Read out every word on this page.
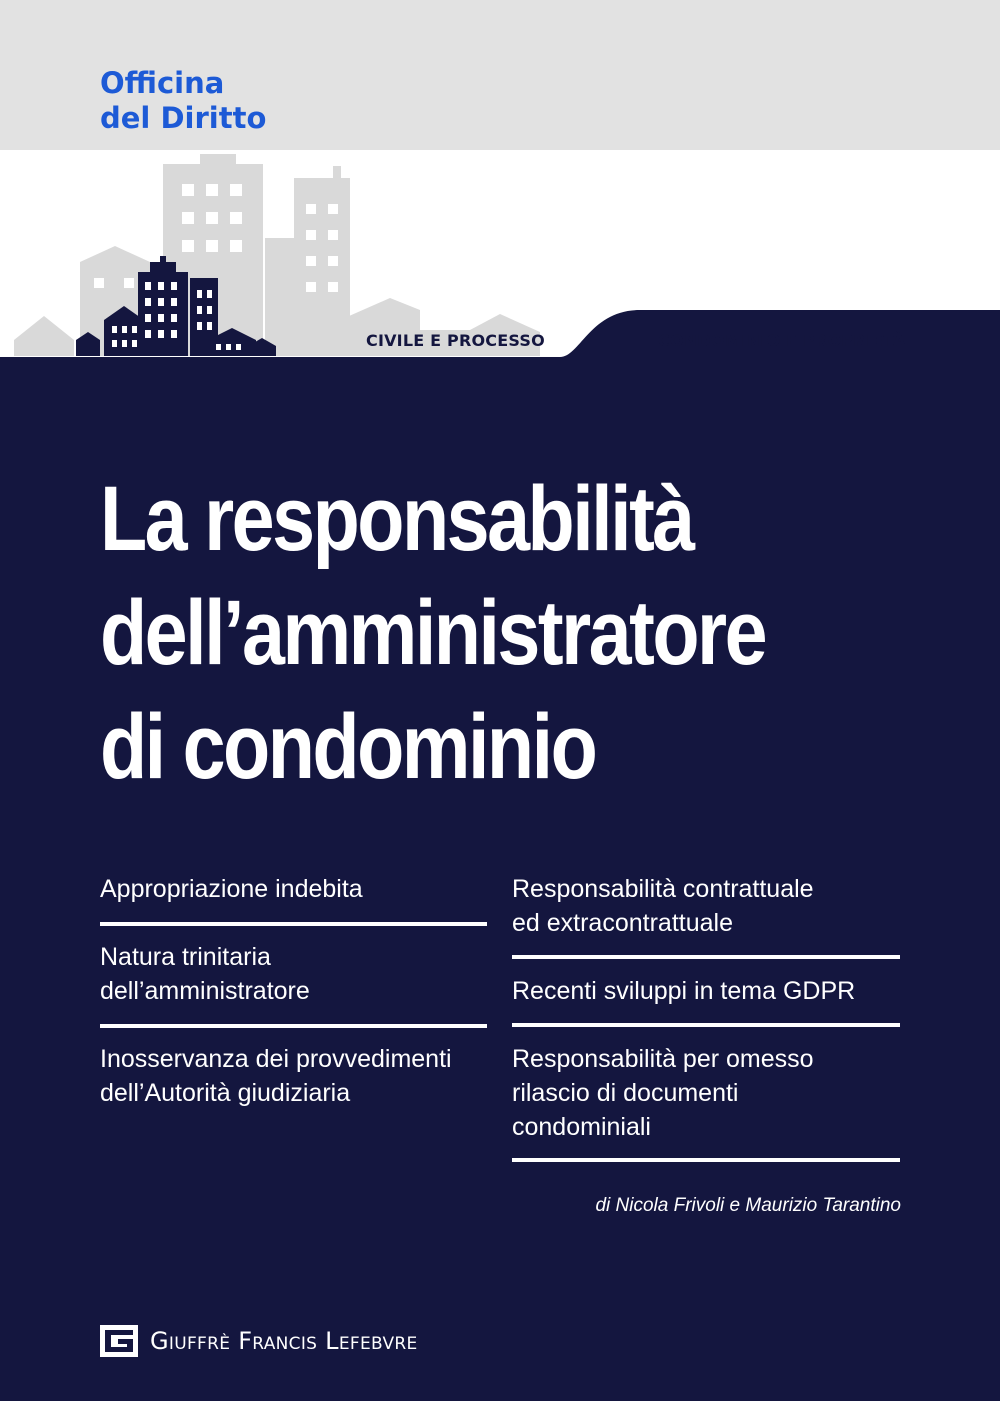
Officina
del Diritto

CIVILE E PROCESSO	CONDOMINIO E PROPRIETÀ

La responsabilità
dell’amministratore
di condominio

Appropriazione indebita

Natura trinitaria
dell’amministratore

Inosservanza dei provvedimenti
dell’Autorità giudiziaria

Responsabilità contrattuale
ed extracontrattuale

Recenti sviluppi in tema GDPR

Responsabilità per omesso
rilascio di documenti
condominiali

di Nicola Frivoli e Maurizio Tarantino

Giuffrè Francis Lefebvre
